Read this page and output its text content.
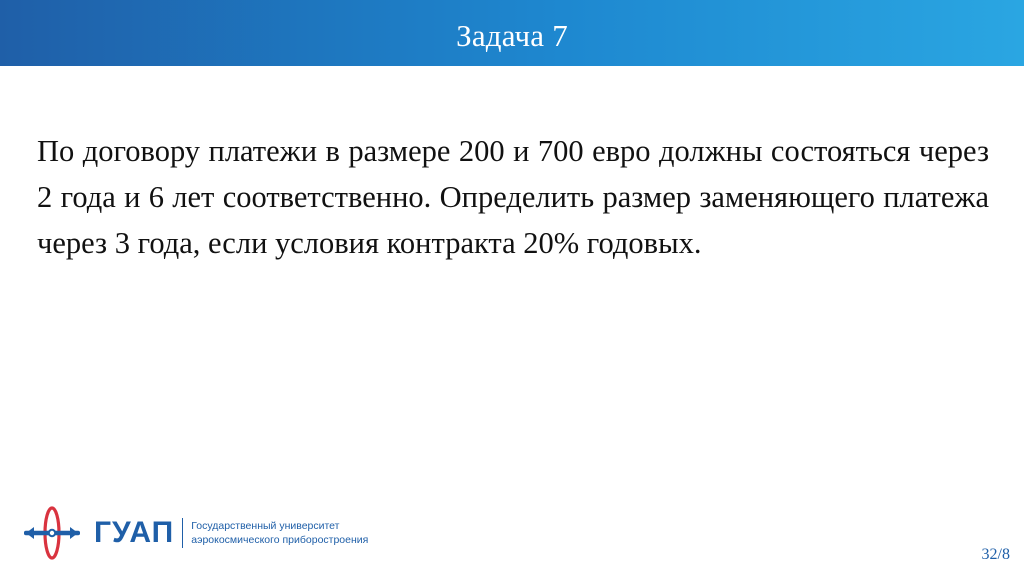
Задача 7

По договору платежи в размере 200 и 700 евро должны состояться через 2 года и 6 лет соответственно. Определить размер заменяющего платежа через 3 года, если условия контракта 20% годовых.

ГУАП Государственный университет
аэрокосмического приборостроения
32/8
